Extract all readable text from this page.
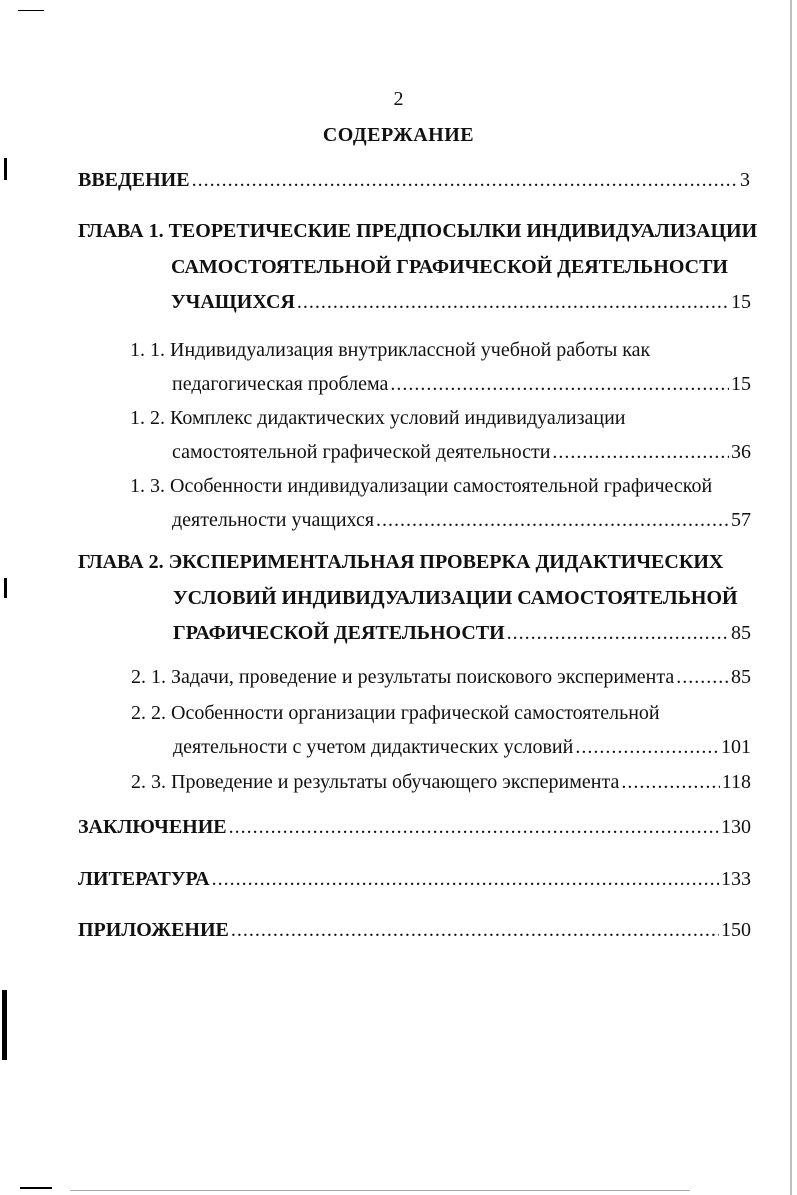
2
СОДЕРЖАНИЕ
ВВЕДЕНИЕ .....	3
ГЛАВА 1. ТЕОРЕТИЧЕСКИЕ ПРЕДПОСЫЛКИ ИНДИВИДУАЛИЗАЦИИ
САМОСТОЯТЕЛЬНОЙ ГРАФИЧЕСКОЙ ДЕЯТЕЛЬНОСТИ
УЧАЩИХСЯ .....	15
1. 1. Индивидуализация внутриклассной учебной работы как
педагогическая проблема .....	15
1. 2. Комплекс дидактических условий индивидуализации
самостоятельной графической деятельности .....	36
1. 3. Особенности индивидуализации самостоятельной графической
деятельности учащихся .....	57
ГЛАВА 2. ЭКСПЕРИМЕНТАЛЬНАЯ ПРОВЕРКА ДИДАКТИЧЕСКИХ
УСЛОВИЙ ИНДИВИДУАЛИЗАЦИИ САМОСТОЯТЕЛЬНОЙ
ГРАФИЧЕСКОЙ ДЕЯТЕЛЬНОСТИ .....	85
2. 1. Задачи, проведение и результаты поискового эксперимента .....	85
2. 2. Особенности организации графической самостоятельной
деятельности с учетом дидактических условий .....	101
2. 3. Проведение и результаты обучающего эксперимента .....	118
ЗАКЛЮЧЕНИЕ .....	130
ЛИТЕРАТУРА .....	133
ПРИЛОЖЕНИЕ .....	150
